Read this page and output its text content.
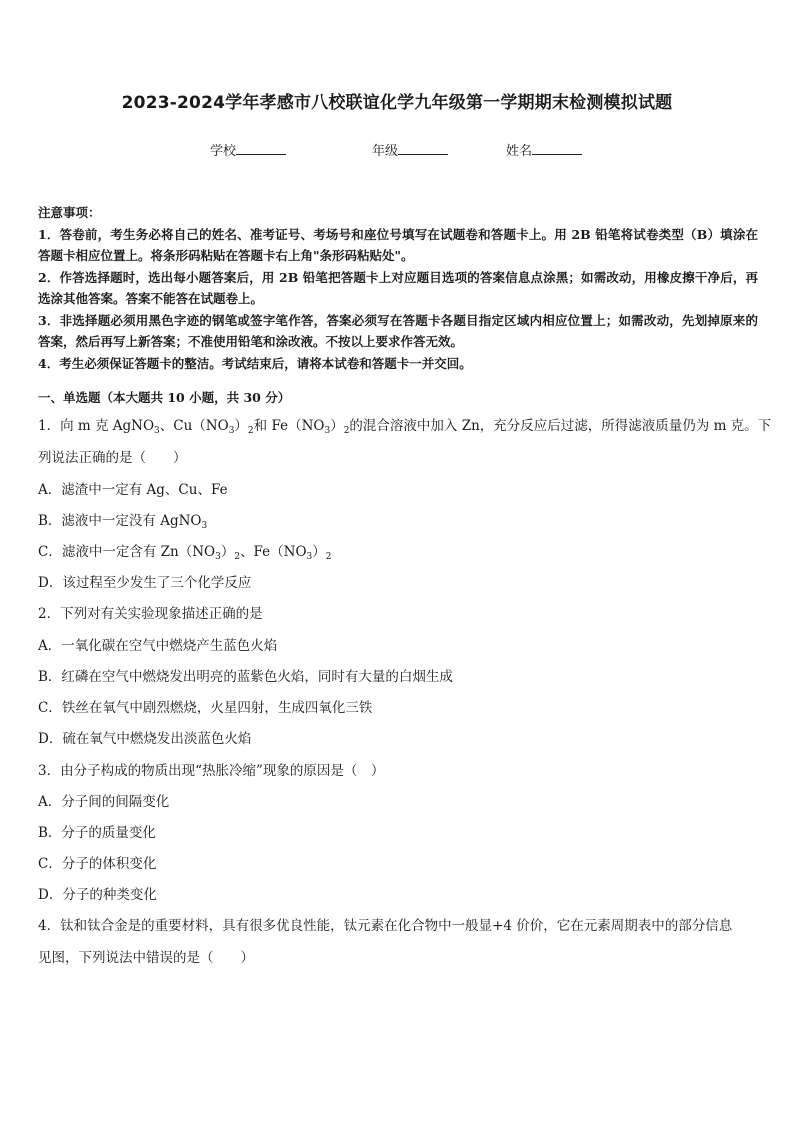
2023-2024学年孝感市八校联谊化学九年级第一学期期末检测模拟试题
学校	年级	姓名
注意事项：
1．答卷前，考生务必将自己的姓名、准考证号、考场号和座位号填写在试题卷和答题卡上。用 2B 铅笔将试卷类型（B）填涂在答题卡相应位置上。将条形码粘贴在答题卡右上角"条形码粘贴处"。
2．作答选择题时，选出每小题答案后，用 2B 铅笔把答题卡上对应题目选项的答案信息点涂黑；如需改动，用橡皮擦干净后，再选涂其他答案。答案不能答在试题卷上。
3．非选择题必须用黑色字迹的钢笔或签字笔作答，答案必须写在答题卡各题目指定区域内相应位置上；如需改动，先划掉原来的答案，然后再写上新答案；不准使用铅笔和涂改液。不按以上要求作答无效。
4．考生必须保证答题卡的整洁。考试结束后，请将本试卷和答题卡一并交回。
一、单选题（本大题共 10 小题，共 30 分）
1．向 m 克 AgNO$_3$、$Cu(NO_3)_2$和 $Fe(NO_3)_2$的混合溶液中加入 Zn，充分反应后过滤，所得滤液质量仍为 m 克。下
列说法正确的是（　　）
A．滤渣中一定有 Ag、Cu、Fe
B．滤液中一定没有 AgNO$_3$
C．滤液中一定含有 $Zn(NO_3)_2$、$Fe(NO_3)_2$
D．该过程至少发生了三个化学反应
2．下列对有关实验现象描述正确的是
A．一氧化碳在空气中燃烧产生蓝色火焰
B．红磷在空气中燃烧发出明亮的蓝紫色火焰，同时有大量的白烟生成
C．铁丝在氧气中剧烈燃烧，火星四射，生成四氧化三铁
D．硫在氧气中燃烧发出淡蓝色火焰
3．由分子构成的物质出现“热胀冷缩”现象的原因是（　）
A．分子间的间隔变化
B．分子的质量变化
C．分子的体积变化
D．分子的种类变化
4．钛和钛合金是的重要材料，具有很多优良性能，钛元素在化合物中一般显+4 价价，它在元素周期表中的部分信息
见图，下列说法中错误的是（　　）
